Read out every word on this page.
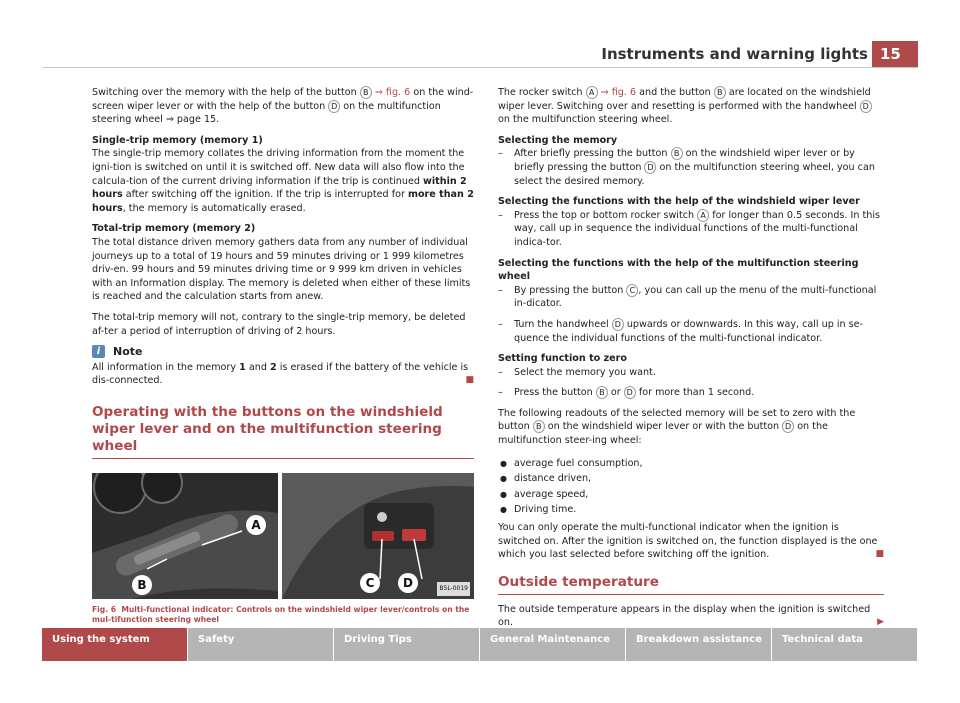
Instruments and warning lights 15

Switching over the memory with the help of the button B ⇒ fig. 6 on the wind-screen wiper lever or with the help of the button D on the multifunction steering wheel ⇒ page 15.

Single-trip memory (memory 1)

The single-trip memory collates the driving information from the moment the igni-tion is switched on until it is switched off. New data will also flow into the calcula-tion of the current driving information if the trip is continued within 2 hours after switching off the ignition. If the trip is interrupted for more than 2 hours, the memory is automatically erased.

Total-trip memory (memory 2)

The total distance driven memory gathers data from any number of individual journeys up to a total of 19 hours and 59 minutes driving or 1 999 kilometres driv-en. 99 hours and 59 minutes driving time or 9 999 km driven in vehicles with an Information display. The memory is deleted when either of these limits is reached and the calculation starts from anew.

The total-trip memory will not, contrary to the single-trip memory, be deleted af-ter a period of interruption of driving of 2 hours.

i	Note

All information in the memory 1 and 2 is erased if the battery of the vehicle is dis-connected.	■

Operating with the buttons on the windshield wiper lever and on the multifunction steering wheel
A
B	C	D	B5L-0019
Fig. 6 Multi-functional indicator: Controls on the windshield wiper lever/controls on the mul-tifunction steering wheel

The rocker switch A ⇒ fig. 6 and the button B are located on the windshield wiper lever. Switching over and resetting is performed with the handwheel D on the multifunction steering wheel.

Selecting the memory

– After briefly pressing the button B on the windshield wiper lever or by briefly pressing the button D on the multifunction steering wheel, you can select the desired memory.

Selecting the functions with the help of the windshield wiper lever

– Press the top or bottom rocker switch A for longer than 0.5 seconds. In this way, call up in sequence the individual functions of the multi-functional indica-tor.

Selecting the functions with the help of the multifunction steering wheel

– By pressing the button C , you can call up the menu of the multi-functional in-dicator.
– Turn the handwheel D upwards or downwards. In this way, call up in se-quence the individual functions of the multi-functional indicator.

Setting function to zero

– Select the memory you want.
– Press the button B or D for more than 1 second.

The following readouts of the selected memory will be set to zero with the button B on the windshield wiper lever or with the button D on the multifunction steer-ing wheel:

● average fuel consumption,
● distance driven,
● average speed,
● Driving time.

You can only operate the multi-functional indicator when the ignition is switched on. After the ignition is switched on, the function displayed is the one which you last selected before switching off the ignition.	■

Outside temperature

The outside temperature appears in the display when the ignition is switched on.	▶

Using the system	Safety	Driving Tips	General Maintenance	Breakdown assistance	Technical data
